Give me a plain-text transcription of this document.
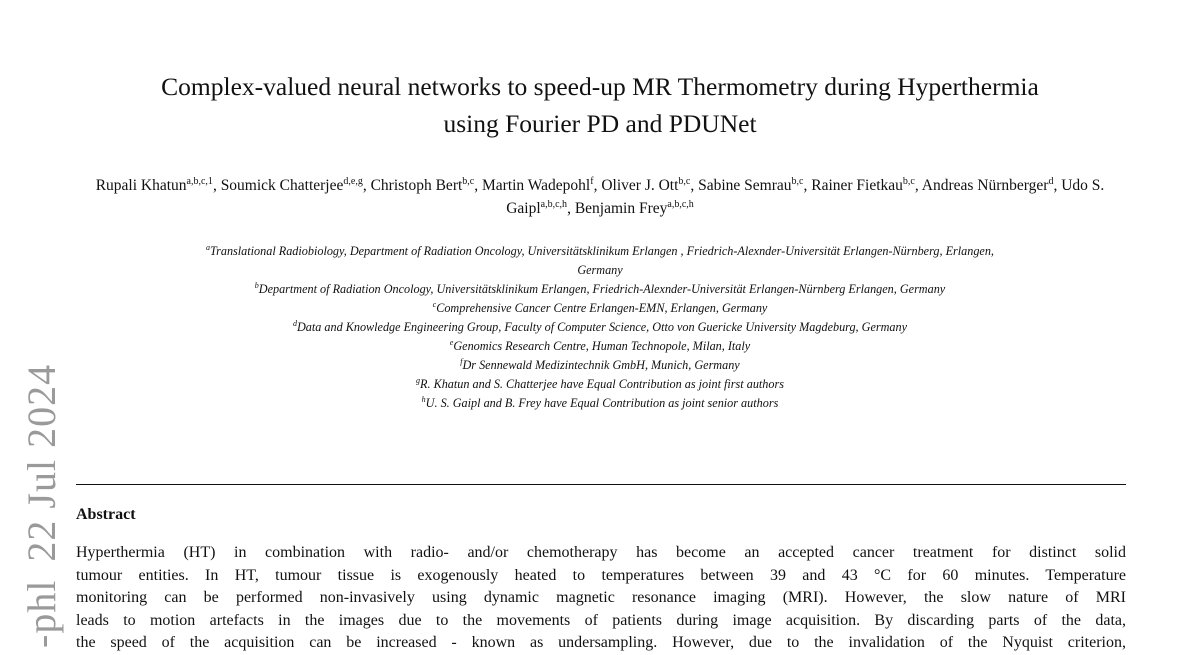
-phl22 Jul 2024
Complex-valued neural networks to speed-up MR Thermometry during Hyperthermia
using Fourier PD and PDUNet
Rupali Khatun$^{a,b,c,1}$, Soumick Chatterjee$^{d,e,g}$, Christoph Bert$^{b,c}$, Martin Wadepohl$^f$, Oliver J. Ott$^{b,c}$, Sabine Semrau$^{b,c}$, Rainer Fietkau$^{b,c}$, Andreas Nürnberger$^d$, Udo S. Gaipl$^{a,b,c,h}$, Benjamin Frey$^{a,b,c,h}$
$^a$Translational Radiobiology, Department of Radiation Oncology, Universitätsklinikum Erlangen , Friedrich-Alexnder-Universität Erlangen-Nürnberg, Erlangen,
Germany
$^b$Department of Radiation Oncology, Universitätsklinikum Erlangen, Friedrich-Alexnder-Universität Erlangen-Nürnberg Erlangen, Germany
$^c$Comprehensive Cancer Centre Erlangen-EMN, Erlangen, Germany
$^d$Data and Knowledge Engineering Group, Faculty of Computer Science, Otto von Guericke University Magdeburg, Germany
$^e$Genomics Research Centre, Human Technopole, Milan, Italy
$^f$Dr Sennewald Medizintechnik GmbH, Munich, Germany
$^g$R. Khatun and S. Chatterjee have Equal Contribution as joint first authors
$^h$U. S. Gaipl and B. Frey have Equal Contribution as joint senior authors
Abstract
Hyperthermia (HT) in combination with radio- and/or chemotherapy has become an accepted cancer treatment for distinct solid
tumour entities. In HT, tumour tissue is exogenously heated to temperatures between 39 and 43 °C for 60 minutes. Temperature
monitoring can be performed non-invasively using dynamic magnetic resonance imaging (MRI). However, the slow nature of MRI
leads to motion artefacts in the images due to the movements of patients during image acquisition. By discarding parts of the data,
the speed of the acquisition can be increased - known as undersampling. However, due to the invalidation of the Nyquist criterion,
